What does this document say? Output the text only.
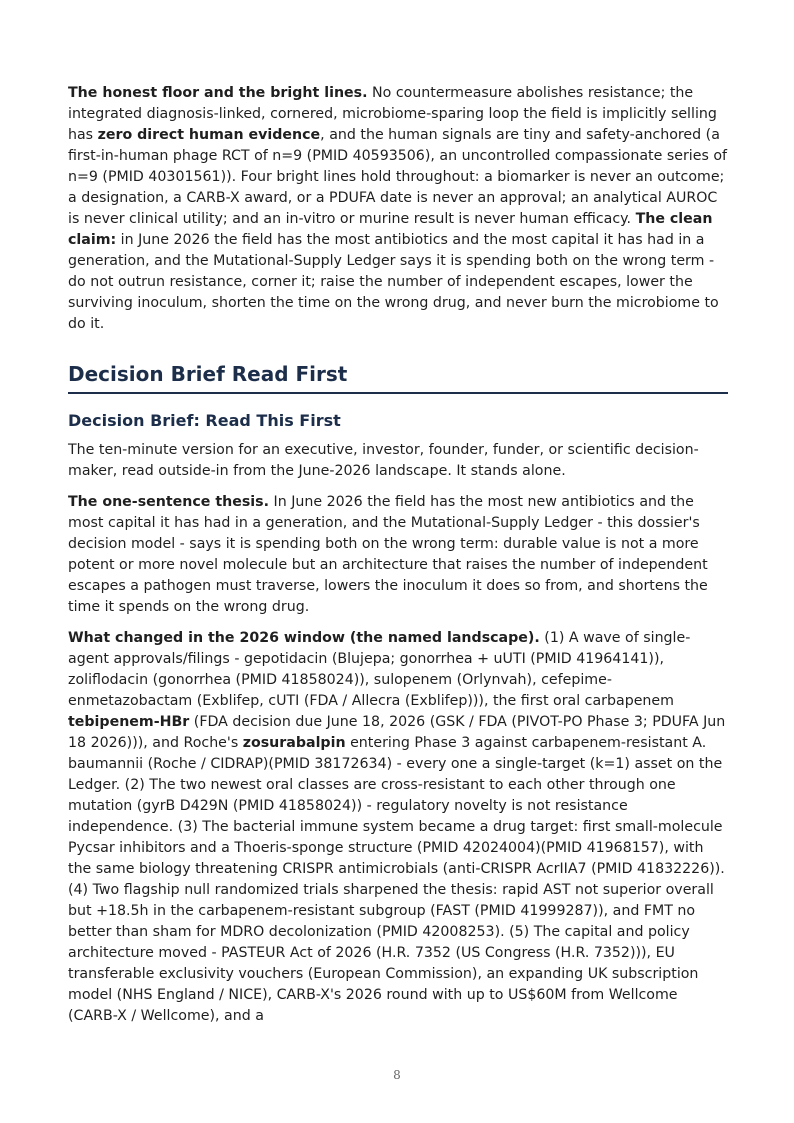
The honest floor and the bright lines. No countermeasure abolishes resistance; the integrated diagnosis-linked, cornered, microbiome-sparing loop the field is implicitly selling has zero direct human evidence, and the human signals are tiny and safety-anchored (a first-in-human phage RCT of n=9 (PMID 40593506), an uncontrolled compassionate series of n=9 (PMID 40301561)). Four bright lines hold throughout: a biomarker is never an outcome; a designation, a CARB-X award, or a PDUFA date is never an approval; an analytical AUROC is never clinical utility; and an in-vitro or murine result is never human efficacy. The clean claim: in June 2026 the field has the most antibiotics and the most capital it has had in a generation, and the Mutational-Supply Ledger says it is spending both on the wrong term - do not outrun resistance, corner it; raise the number of independent escapes, lower the surviving inoculum, shorten the time on the wrong drug, and never burn the microbiome to do it.

Decision Brief Read First
Decision Brief: Read This First

The ten-minute version for an executive, investor, founder, funder, or scientific decision-maker, read outside-in from the June-2026 landscape. It stands alone.

The one-sentence thesis. In June 2026 the field has the most new antibiotics and the most capital it has had in a generation, and the Mutational-Supply Ledger - this dossier's decision model - says it is spending both on the wrong term: durable value is not a more potent or more novel molecule but an architecture that raises the number of independent escapes a pathogen must traverse, lowers the inoculum it does so from, and shortens the time it spends on the wrong drug.

What changed in the 2026 window (the named landscape). (1) A wave of single-agent approvals/filings - gepotidacin (Blujepa; gonorrhea + uUTI (PMID 41964141)), zoliflodacin (gonorrhea (PMID 41858024)), sulopenem (Orlynvah), cefepime-enmetazobactam (Exblifep, cUTI (FDA / Allecra (Exblifep))), the first oral carbapenem tebipenem-HBr (FDA decision due June 18, 2026 (GSK / FDA (PIVOT-PO Phase 3; PDUFA Jun 18 2026))), and Roche's zosurabalpin entering Phase 3 against carbapenem-resistant A. baumannii (Roche / CIDRAP)(PMID 38172634) - every one a single-target (k=1) asset on the Ledger. (2) The two newest oral classes are cross-resistant to each other through one mutation (gyrB D429N (PMID 41858024)) - regulatory novelty is not resistance independence. (3) The bacterial immune system became a drug target: first small-molecule Pycsar inhibitors and a Thoeris-sponge structure (PMID 42024004)(PMID 41968157), with the same biology threatening CRISPR antimicrobials (anti-CRISPR AcrIIA7 (PMID 41832226)). (4) Two flagship null randomized trials sharpened the thesis: rapid AST not superior overall but +18.5h in the carbapenem-resistant subgroup (FAST (PMID 41999287)), and FMT no better than sham for MDRO decolonization (PMID 42008253). (5) The capital and policy architecture moved - PASTEUR Act of 2026 (H.R. 7352 (US Congress (H.R. 7352))), EU transferable exclusivity vouchers (European Commission), an expanding UK subscription model (NHS England / NICE), CARB-X's 2026 round with up to US$60M from Wellcome (CARB-X / Wellcome), and a

8
